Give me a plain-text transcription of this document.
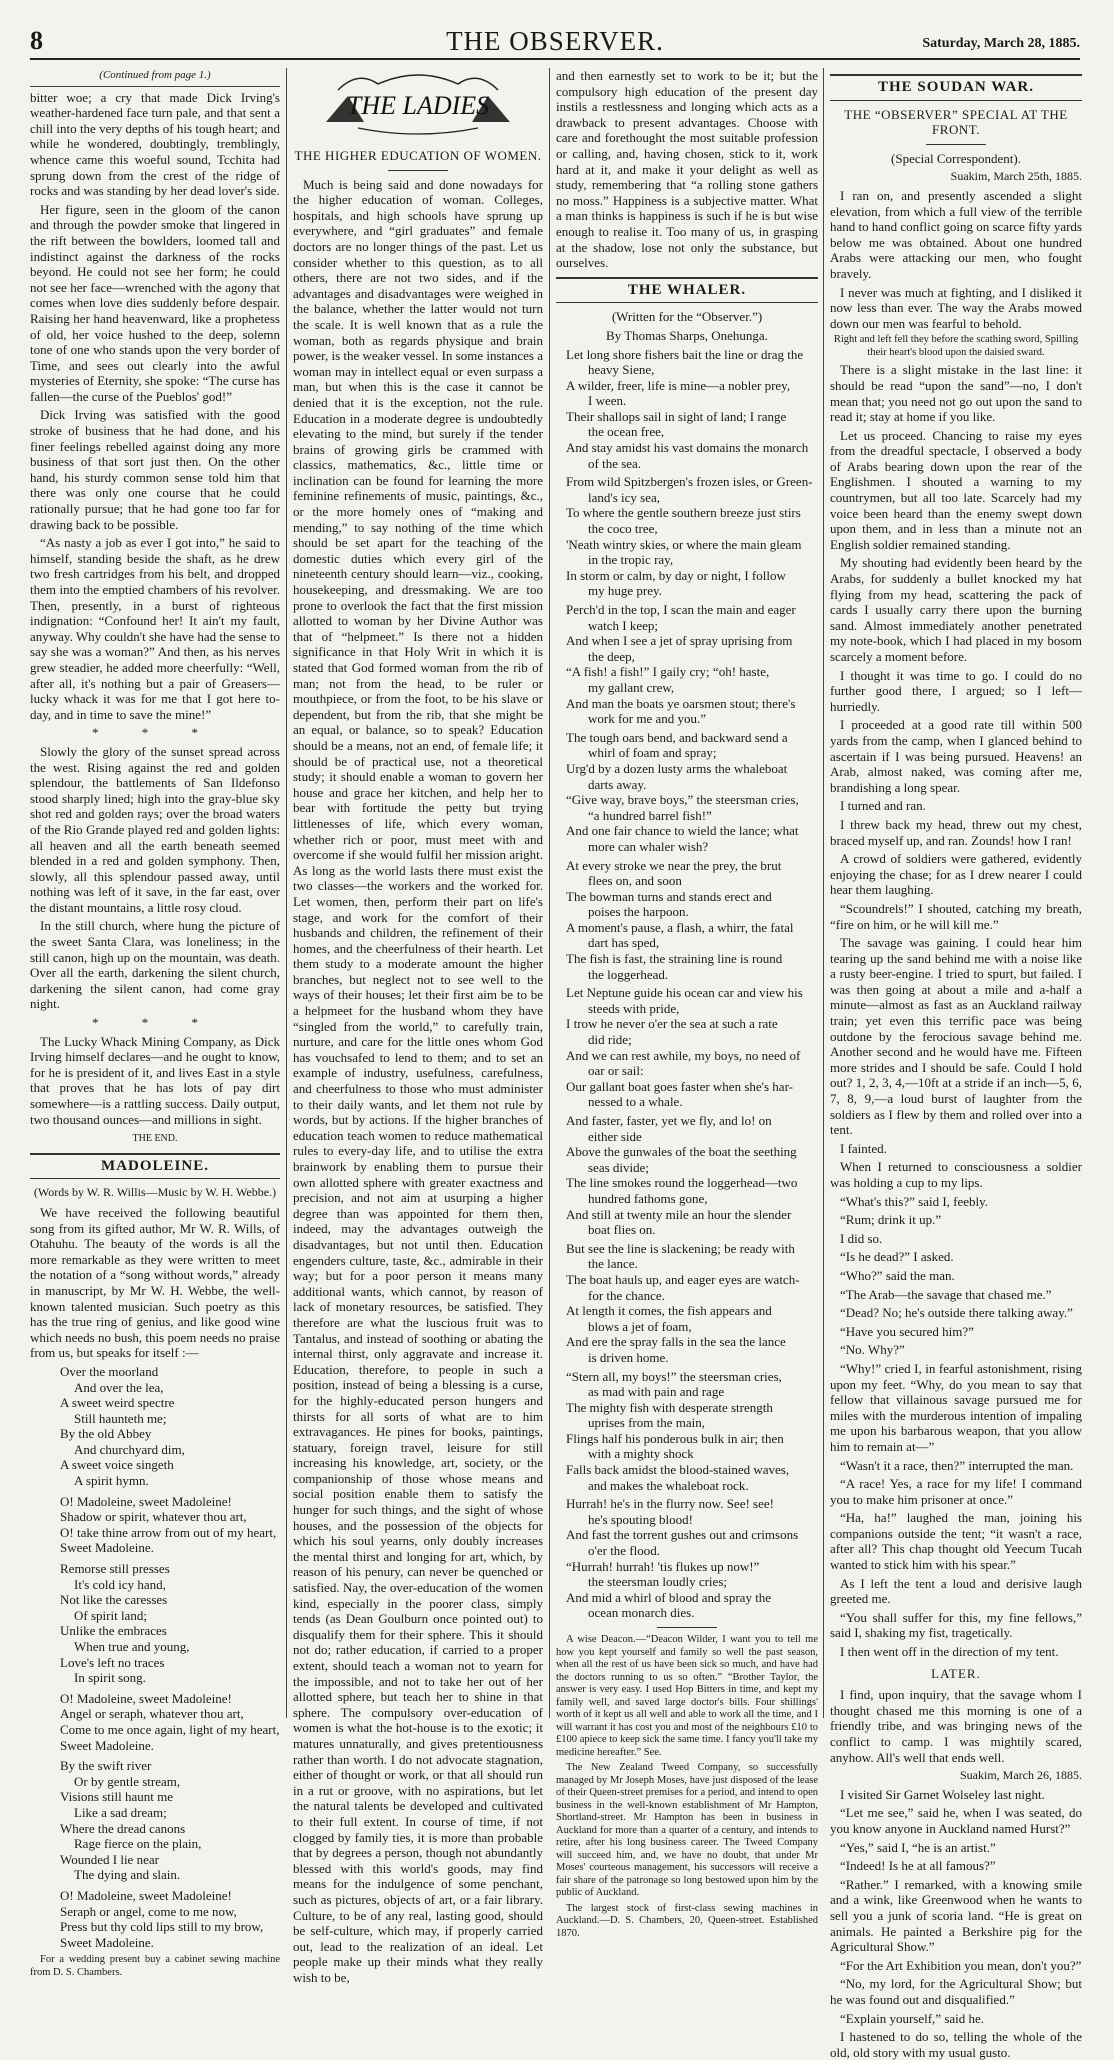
8	THE OBSERVER.	Saturday, March 28, 1885.
(Continued from page 1.)

bitter woe; a cry that made Dick Irving's weather-hardened face turn pale, and that sent a chill into the very depths of his tough heart; and while he wondered, doubtingly, tremblingly, whence came this woeful sound, Tcchita had sprung down from the crest of the ridge of rocks and was standing by her dead lover's side.

Her figure, seen in the gloom of the canon and through the powder smoke that lingered in the rift between the bowlders, loomed tall and indistinct against the darkness of the rocks beyond. He could not see her form; he could not see her face—wrenched with the agony that comes when love dies suddenly before despair. Raising her hand heavenward, like a prophetess of old, her voice hushed to the deep, solemn tone of one who stands upon the very border of Time, and sees out clearly into the awful mysteries of Eternity, she spoke: “The curse has fallen—the curse of the Pueblos' god!”

Dick Irving was satisfied with the good stroke of business that he had done, and his finer feelings rebelled against doing any more business of that sort just then. On the other hand, his sturdy common sense told him that there was only one course that he could rationally pursue; that he had gone too far for drawing back to be possible.

“As nasty a job as ever I got into,” he said to himself, standing beside the shaft, as he drew two fresh cartridges from his belt, and dropped them into the emptied chambers of his revolver. Then, presently, in a burst of righteous indignation: “Confound her! It ain't my fault, anyway. Why couldn't she have had the sense to say she was a woman?” And then, as his nerves grew steadier, he added more cheerfully: “Well, after all, it's nothing but a pair of Greasers—lucky whack it was for me that I got here to-day, and in time to save the mine!”

* * *

Slowly the glory of the sunset spread across the west. Rising against the red and golden splendour, the battlements of San Ildefonso stood sharply lined; high into the gray-blue sky shot red and golden rays; over the broad waters of the Rio Grande played red and golden lights: all heaven and all the earth beneath seemed blended in a red and golden symphony. Then, slowly, all this splendour passed away, until nothing was left of it save, in the far east, over the distant mountains, a little rosy cloud.

In the still church, where hung the picture of the sweet Santa Clara, was loneliness; in the still canon, high up on the mountain, was death. Over all the earth, darkening the silent church, darkening the silent canon, had come gray night.

* * *

The Lucky Whack Mining Company, as Dick Irving himself declares—and he ought to know, for he is president of it, and lives East in a style that proves that he has lots of pay dirt somewhere—is a rattling success. Daily output, two thousand ounces—and millions in sight.

THE END.
MADOLEINE.

(Words by W. R. Willis—Music by W. H. Webbe.)

We have received the following beautiful song from its gifted author, Mr W. R. Wills, of Otahuhu. The beauty of the words is all the more remarkable as they were written to meet the notation of a “song without words,” already in manuscript, by Mr W. H. Webbe, the well-known talented musician. Such poetry as this has the true ring of genius, and like good wine which needs no bush, this poem needs no praise from us, but speaks for itself :—

Over the moorland
And over the lea,
A sweet weird spectre
Still haunteth me;
By the old Abbey
And churchyard dim,
A sweet voice singeth
A spirit hymn.
O! Madoleine, sweet Madoleine!
Shadow or spirit, whatever thou art,
O! take thine arrow from out of my heart,
Sweet Madoleine.
Remorse still presses
It's cold icy hand,
Not like the caresses
Of spirit land;
Unlike the embraces
When true and young,
Love's left no traces
In spirit song.
O! Madoleine, sweet Madoleine!
Angel or seraph, whatever thou art,
Come to me once again, light of my heart,
Sweet Madoleine.
By the swift river
Or by gentle stream,
Visions still haunt me
Like a sad dream;
Where the dread canons
Rage fierce on the plain,
Wounded I lie near
The dying and slain.
O! Madoleine, sweet Madoleine!
Seraph or angel, come to me now,
Press but thy cold lips still to my brow,
Sweet Madoleine.

For a wedding present buy a cabinet sewing machine from D. S. Chambers.

THE LADIES
THE HIGHER EDUCATION OF WOMEN.

Much is being said and done nowadays for the higher education of woman. Colleges, hospitals, and high schools have sprung up everywhere, and “girl graduates” and female doctors are no longer things of the past. Let us consider whether to this question, as to all others, there are not two sides, and if the advantages and disadvantages were weighed in the balance, whether the latter would not turn the scale. It is well known that as a rule the woman, both as regards physique and brain power, is the weaker vessel. In some instances a woman may in intellect equal or even surpass a man, but when this is the case it cannot be denied that it is the exception, not the rule. Education in a moderate degree is undoubtedly elevating to the mind, but surely if the tender brains of growing girls be crammed with classics, mathematics, &c., little time or inclination can be found for learning the more feminine refinements of music, paintings, &c., or the more homely ones of “making and mending,” to say nothing of the time which should be set apart for the teaching of the domestic duties which every girl of the nineteenth century should learn—viz., cooking, housekeeping, and dressmaking. We are too prone to overlook the fact that the first mission allotted to woman by her Divine Author was that of “helpmeet.” Is there not a hidden significance in that Holy Writ in which it is stated that God formed woman from the rib of man; not from the head, to be ruler or mouthpiece, or from the foot, to be his slave or dependent, but from the rib, that she might be an equal, or balance, so to speak? Education should be a means, not an end, of female life; it should be of practical use, not a theoretical study; it should enable a woman to govern her house and grace her kitchen, and help her to bear with fortitude the petty but trying littlenesses of life, which every woman, whether rich or poor, must meet with and overcome if she would fulfil her mission aright. As long as the world lasts there must exist the two classes—the workers and the worked for. Let women, then, perform their part on life's stage, and work for the comfort of their husbands and children, the refinement of their homes, and the cheerfulness of their hearth. Let them study to a moderate amount the higher branches, but neglect not to see well to the ways of their houses; let their first aim be to be a helpmeet for the husband whom they have “singled from the world,” to carefully train, nurture, and care for the little ones whom God has vouchsafed to lend to them; and to set an example of industry, usefulness, carefulness, and cheerfulness to those who must administer to their daily wants, and let them not rule by words, but by actions. If the higher branches of education teach women to reduce mathematical rules to every-day life, and to utilise the extra brainwork by enabling them to pursue their own allotted sphere with greater exactness and precision, and not aim at usurping a higher degree than was appointed for them then, indeed, may the advantages outweigh the disadvantages, but not until then. Education engenders culture, taste, &c., admirable in their way; but for a poor person it means many additional wants, which cannot, by reason of lack of monetary resources, be satisfied. They therefore are what the luscious fruit was to Tantalus, and instead of soothing or abating the internal thirst, only aggravate and increase it. Education, therefore, to people in such a position, instead of being a blessing is a curse, for the highly-educated person hungers and thirsts for all sorts of what are to him extravagances. He pines for books, paintings, statuary, foreign travel, leisure for still increasing his knowledge, art, society, or the companionship of those whose means and social position enable them to satisfy the hunger for such things, and the sight of whose houses, and the possession of the objects for which his soul yearns, only doubly increases the mental thirst and longing for art, which, by reason of his penury, can never be quenched or satisfied. Nay, the over-education of the women kind, especially in the poorer class, simply tends (as Dean Goulburn once pointed out) to disqualify them for their sphere. This it should not do; rather education, if carried to a proper extent, should teach a woman not to yearn for the impossible, and not to take her out of her allotted sphere, but teach her to shine in that sphere. The compulsory over-education of women is what the hot-house is to the exotic; it matures unnaturally, and gives pretentiousness rather than worth. I do not advocate stagnation, either of thought or work, or that all should run in a rut or groove, with no aspirations, but let the natural talents be developed and cultivated to their full extent. In course of time, if not clogged by family ties, it is more than probable that by degrees a person, though not abundantly blessed with this world's goods, may find means for the indulgence of some penchant, such as pictures, objects of art, or a fair library. Culture, to be of any real, lasting good, should be self-culture, which may, if properly carried out, lead to the realization of an ideal. Let people make up their minds what they really wish to be,

and then earnestly set to work to be it; but the compulsory high education of the present day instils a restlessness and longing which acts as a drawback to present advantages. Choose with care and forethought the most suitable profession or calling, and, having chosen, stick to it, work hard at it, and make it your delight as well as study, remembering that “a rolling stone gathers no moss.” Happiness is a subjective matter. What a man thinks is happiness is such if he is but wise enough to realise it. Too many of us, in grasping at the shadow, lose not only the substance, but ourselves.

THE WHALER.

(Written for the “Observer.”)

By Thomas Sharps, Onehunga.

Let long shore fishers bait the line or drag the
heavy Siene,
A wilder, freer, life is mine—a nobler prey,
I ween.
Their shallops sail in sight of land; I range
the ocean free,
And stay amidst his vast domains the monarch
of the sea.
From wild Spitzbergen's frozen isles, or Green-
land's icy sea,
To where the gentle southern breeze just stirs
the coco tree,
'Neath wintry skies, or where the main gleam
in the tropic ray,
In storm or calm, by day or night, I follow
my huge prey.
Perch'd in the top, I scan the main and eager
watch I keep;
And when I see a jet of spray uprising from
the deep,
“A fish! a fish!” I gaily cry; “oh! haste,
my gallant crew,
And man the boats ye oarsmen stout; there's
work for me and you.”
The tough oars bend, and backward send a
whirl of foam and spray;
Urg'd by a dozen lusty arms the whaleboat
darts away.
“Give way, brave boys,” the steersman cries,
“a hundred barrel fish!”
And one fair chance to wield the lance; what
more can whaler wish?
At every stroke we near the prey, the brut
flees on, and soon
The bowman turns and stands erect and
poises the harpoon.
A moment's pause, a flash, a whirr, the fatal
dart has sped,
The fish is fast, the straining line is round
the loggerhead.
Let Neptune guide his ocean car and view his
steeds with pride,
I trow he never o'er the sea at such a rate
did ride;
And we can rest awhile, my boys, no need of
oar or sail:
Our gallant boat goes faster when she's har-
nessed to a whale.
And faster, faster, yet we fly, and lo! on
either side
Above the gunwales of the boat the seething
seas divide;
The line smokes round the loggerhead—two
hundred fathoms gone,
And still at twenty mile an hour the slender
boat flies on.
But see the line is slackening; be ready with
the lance.
The boat hauls up, and eager eyes are watch-
for the chance.
At length it comes, the fish appears and
blows a jet of foam,
And ere the spray falls in the sea the lance
is driven home.
“Stern all, my boys!” the steersman cries,
as mad with pain and rage
The mighty fish with desperate strength
uprises from the main,
Flings half his ponderous bulk in air; then
with a mighty shock
Falls back amidst the blood-stained waves,
and makes the whaleboat rock.
Hurrah! he's in the flurry now. See! see!
he's spouting blood!
And fast the torrent gushes out and crimsons
o'er the flood.
“Hurrah! hurrah! 'tis flukes up now!”
the steersman loudly cries;
And mid a whirl of blood and spray the
ocean monarch dies.

A wise Deacon.—“Deacon Wilder, I want you to tell me how you kept yourself and family so well the past season, when all the rest of us have been sick so much, and have had the doctors running to us so often.” “Brother Taylor, the answer is very easy. I used Hop Bitters in time, and kept my family well, and saved large doctor's bills. Four shillings' worth of it kept us all well and able to work all the time, and I will warrant it has cost you and most of the neighbours £10 to £100 apiece to keep sick the same time. I fancy you'll take my medicine hereafter.” See.

The New Zealand Tweed Company, so successfully managed by Mr Joseph Moses, have just disposed of the lease of their Queen-street premises for a period, and intend to open business in the well-known establishment of Mr Hampton, Shortland-street. Mr Hampton has been in business in Auckland for more than a quarter of a century, and intends to retire, after his long business career. The Tweed Company will succeed him, and, we have no doubt, that under Mr Moses' courteous management, his successors will receive a fair share of the patronage so long bestowed upon him by the public of Auckland.

The largest stock of first-class sewing machines in Auckland.—D. S. Chambers, 20, Queen-street. Established 1870.

THE SOUDAN WAR.
THE “OBSERVER” SPECIAL AT THE FRONT.

(Special Correspondent).

Suakim, March 25th, 1885.

I ran on, and presently ascended a slight elevation, from which a full view of the terrible hand to hand conflict going on scarce fifty yards below me was obtained. About one hundred Arabs were attacking our men, who fought bravely.

I never was much at fighting, and I disliked it now less than ever. The way the Arabs mowed down our men was fearful to behold.

Right and left fell they before the scathing sword, Spilling their heart's blood upon the daisied sward.

There is a slight mistake in the last line: it should be read “upon the sand”—no, I don't mean that; you need not go out upon the sand to read it; stay at home if you like.

Let us proceed. Chancing to raise my eyes from the dreadful spectacle, I observed a body of Arabs bearing down upon the rear of the Englishmen. I shouted a warning to my countrymen, but all too late. Scarcely had my voice been heard than the enemy swept down upon them, and in less than a minute not an English soldier remained standing.

My shouting had evidently been heard by the Arabs, for suddenly a bullet knocked my hat flying from my head, scattering the pack of cards I usually carry there upon the burning sand. Almost immediately another penetrated my note-book, which I had placed in my bosom scarcely a moment before.

I thought it was time to go. I could do no further good there, I argued; so I left—hurriedly.

I proceeded at a good rate till within 500 yards from the camp, when I glanced behind to ascertain if I was being pursued. Heavens! an Arab, almost naked, was coming after me, brandishing a long spear.

I turned and ran.

I threw back my head, threw out my chest, braced myself up, and ran. Zounds! how I ran!

A crowd of soldiers were gathered, evidently enjoying the chase; for as I drew nearer I could hear them laughing.

“Scoundrels!” I shouted, catching my breath, “fire on him, or he will kill me.”

The savage was gaining. I could hear him tearing up the sand behind me with a noise like a rusty beer-engine. I tried to spurt, but failed. I was then going at about a mile and a-half a minute—almost as fast as an Auckland railway train; yet even this terrific pace was being outdone by the ferocious savage behind me. Another second and he would have me. Fifteen more strides and I should be safe. Could I hold out? 1, 2, 3, 4,—10ft at a stride if an inch—5, 6, 7, 8, 9,—a loud burst of laughter from the soldiers as I flew by them and rolled over into a tent.

I fainted.

When I returned to consciousness a soldier was holding a cup to my lips.

“What's this?” said I, feebly.

“Rum; drink it up.”

I did so.

“Is he dead?” I asked.

“Who?” said the man.

“The Arab—the savage that chased me.”

“Dead? No; he's outside there talking away.”

“Have you secured him?”

“No. Why?”

“Why!” cried I, in fearful astonishment, rising upon my feet. “Why, do you mean to say that fellow that villainous savage pursued me for miles with the murderous intention of impaling me upon his barbarous weapon, that you allow him to remain at—”

“Wasn't it a race, then?” interrupted the man.

“A race! Yes, a race for my life! I command you to make him prisoner at once.”

“Ha, ha!” laughed the man, joining his companions outside the tent; “it wasn't a race, after all? This chap thought old Yeecum Tucah wanted to stick him with his spear.”

As I left the tent a loud and derisive laugh greeted me.

“You shall suffer for this, my fine fellows,” said I, shaking my fist, tragetically.

I then went off in the direction of my tent.

LATER.

I find, upon inquiry, that the savage whom I thought chased me this morning is one of a friendly tribe, and was bringing news of the conflict to camp. I was mightily scared, anyhow. All's well that ends well.

Suakim, March 26, 1885.

I visited Sir Garnet Wolseley last night.

“Let me see,” said he, when I was seated, do you know anyone in Auckland named Hurst?”

“Yes,” said I, “he is an artist.”

“Indeed! Is he at all famous?”

“Rather.” I remarked, with a knowing smile and a wink, like Greenwood when he wants to sell you a junk of scoria land. “He is great on animals. He painted a Berkshire pig for the Agricultural Show.”

“For the Art Exhibition you mean, don't you?”

“No, my lord, for the Agricultural Show; but he was found out and disqualified.”

“Explain yourself,” said he.

I hastened to do so, telling the whole of the old, old story with my usual gusto.
